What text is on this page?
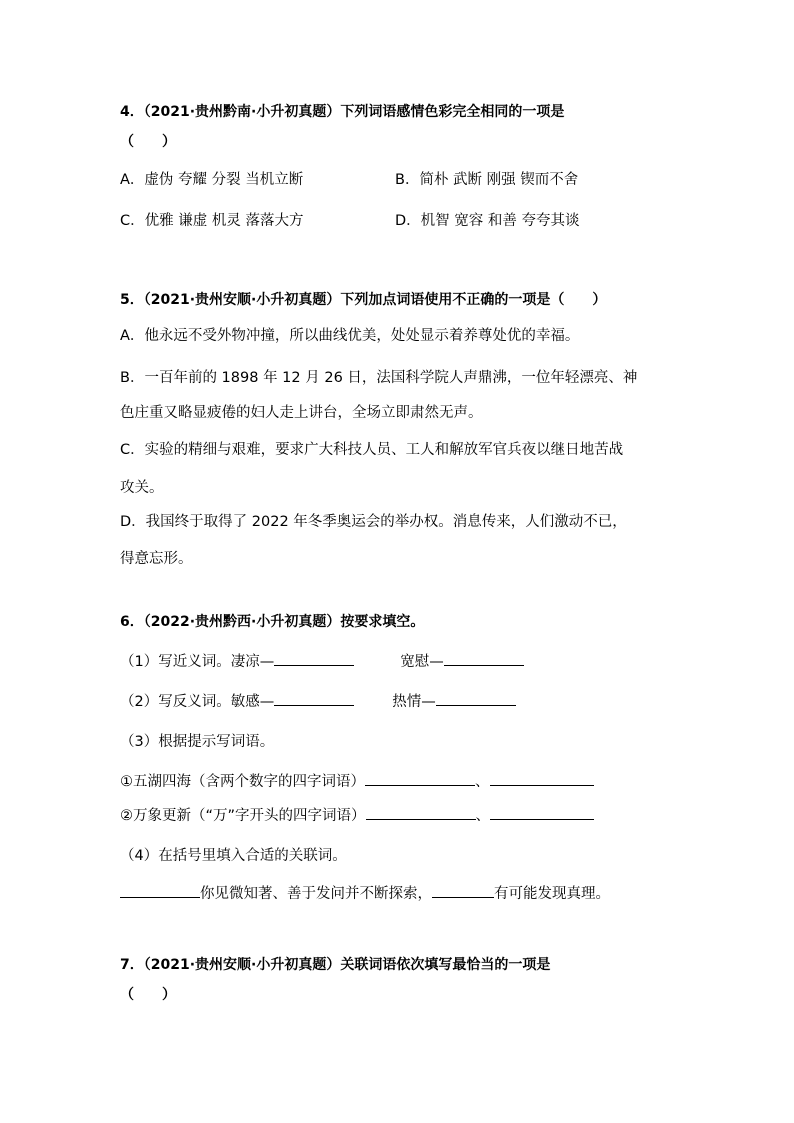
4．（2021·贵州黔南·小升初真题）下列词语感情色彩完全相同的一项是
（　　）
A．虚伪 夸耀 分裂 当机立断	B．简朴 武断 刚强 锲而不舍
C．优雅 谦虚 机灵 落落大方	D．机智 宽容 和善 夸夸其谈
5．（2021·贵州安顺·小升初真题）下列加点词语使用不正确的一项是（　　）
A．他永远不受外物冲撞，所以曲线优美，处处显示着养尊处优的幸福。
B．一百年前的 1898 年 12 月 26 日，法国科学院人声鼎沸，一位年轻漂亮、神
色庄重又略显疲倦的妇人走上讲台，全场立即肃然无声。
C．实验的精细与艰难，要求广大科技人员、工人和解放军官兵夜以继日地苦战
攻关。
D．我国终于取得了 2022 年冬季奥运会的举办权。消息传来，人们激动不已，
得意忘形。
6．（2022·贵州黔西·小升初真题）按要求填空。
（1）写近义词。凄凉—	宽慰—
（2）写反义词。敏感—	热情—
（3）根据提示写词语。
①五湖四海（含两个数字的四字词语）	、
②万象更新（“万”字开头的四字词语）	、
（4）在括号里填入合适的关联词。
你见微知著、善于发问并不断探索，	有可能发现真理。
7．（2021·贵州安顺·小升初真题）关联词语依次填写最恰当的一项是
（　　）
